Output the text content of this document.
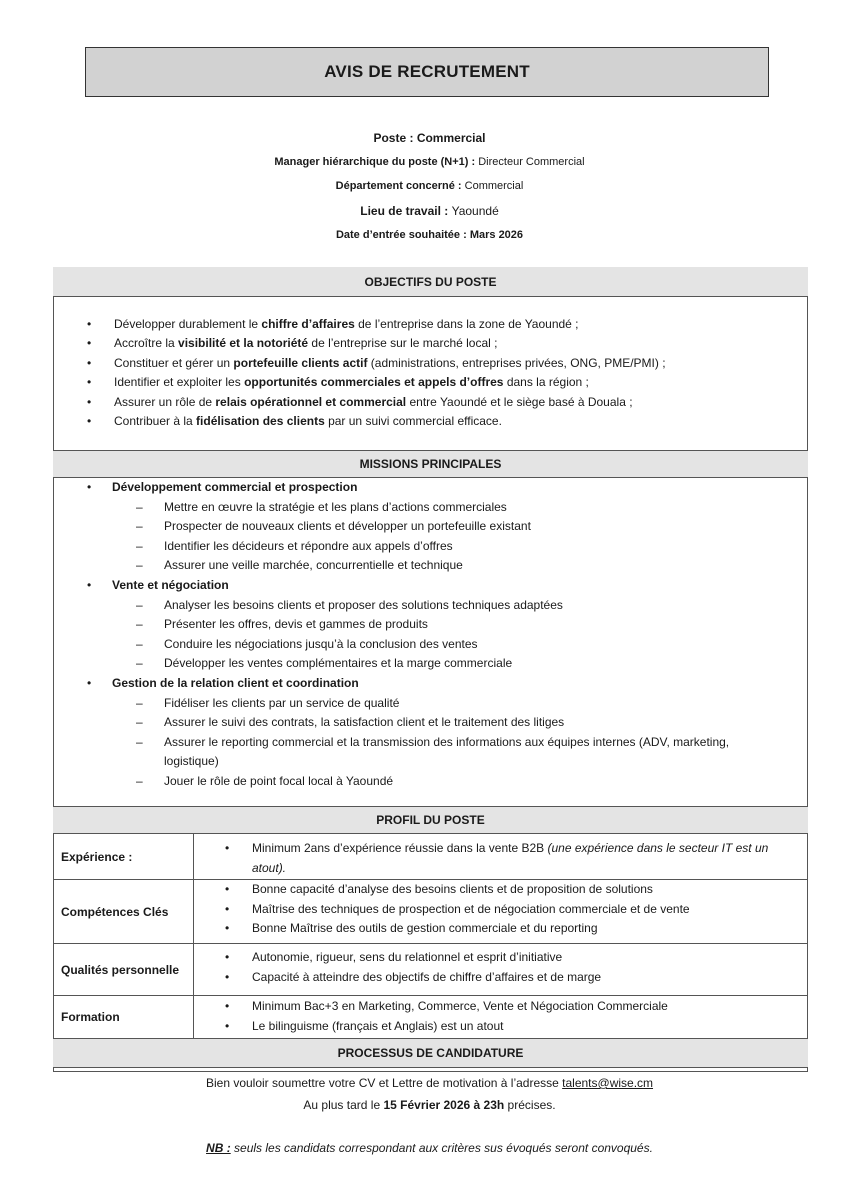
AVIS DE RECRUTEMENT
Poste : Commercial
Manager hiérarchique du poste (N+1) : Directeur Commercial
Département concerné : Commercial
Lieu de travail : Yaoundé
Date d’entrée souhaitée : Mars 2026
OBJECTIFS DU POSTE
• Développer durablement le chiffre d’affaires de l’entreprise dans la zone de Yaoundé ;
• Accroître la visibilité et la notoriété de l’entreprise sur le marché local ;
• Constituer et gérer un portefeuille clients actif (administrations, entreprises privées, ONG, PME/PMI) ;
• Identifier et exploiter les opportunités commerciales et appels d’offres dans la région ;
• Assurer un rôle de relais opérationnel et commercial entre Yaoundé et le siège basé à Douala ;
• Contribuer à la fidélisation des clients par un suivi commercial efficace.
MISSIONS PRINCIPALES
• Développement commercial et prospection
– Mettre en œuvre la stratégie et les plans d’actions commerciales
– Prospecter de nouveaux clients et développer un portefeuille existant
– Identifier les décideurs et répondre aux appels d’offres
– Assurer une veille marchée, concurrentielle et technique
• Vente et négociation
– Analyser les besoins clients et proposer des solutions techniques adaptées
– Présenter les offres, devis et gammes de produits
– Conduire les négociations jusqu’à la conclusion des ventes
– Développer les ventes complémentaires et la marge commerciale
• Gestion de la relation client et coordination
– Fidéliser les clients par un service de qualité
– Assurer le suivi des contrats, la satisfaction client et le traitement des litiges
– Assurer le reporting commercial et la transmission des informations aux équipes internes (ADV, marketing, logistique)
– Jouer le rôle de point focal local à Yaoundé
PROFIL DU POSTE
Expérience :
• Minimum 2ans d’expérience réussie dans la vente B2B (une expérience dans le secteur IT est un atout).
Compétences Clés
• Bonne capacité d’analyse des besoins clients et de proposition de solutions
• Maîtrise des techniques de prospection et de négociation commerciale et de vente
• Bonne Maîtrise des outils de gestion commerciale et du reporting
Qualités personnelle
• Autonomie, rigueur, sens du relationnel et esprit d’initiative
• Capacité à atteindre des objectifs de chiffre d’affaires et de marge
Formation
• Minimum Bac+3 en Marketing, Commerce, Vente et Négociation Commerciale
• Le bilinguisme (français et Anglais) est un atout
PROCESSUS DE CANDIDATURE
Bien vouloir soumettre votre CV et Lettre de motivation à l’adresse talents@wise.cm
Au plus tard le 15 Février 2026 à 23h précises.
NB : seuls les candidats correspondant aux critères sus évoqués seront convoqués.
